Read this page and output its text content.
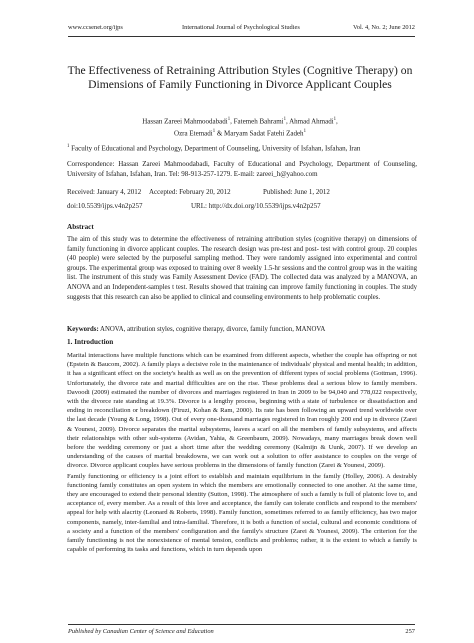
www.ccsenet.org/ijps	International Journal of Psychological Studies	Vol. 4, No. 2; June 2012
The Effectiveness of Retraining Attribution Styles (Cognitive Therapy) on Dimensions of Family Functioning in Divorce Applicant Couples
Hassan Zareei Mahmoodabadi$^1$, Fatemeh Bahrami$^1$, Ahmad Ahmadi$^1$,
Ozra Etemadi$^1$ & Maryam Sadat Fatehi Zadeh$^1$
$^1$ Faculty of Educational and Psychology, Department of Counseling, University of Isfahan, Isfahan, Iran
Correspondence: Hassan Zareei Mahmoodabadi, Faculty of Educational and Psychology, Department of Counseling, University of Isfahan, Isfahan, Iran. Tel: 98-913-257-1279. E-mail: zareei_h@yahoo.com
Received: January 4, 2012 Accepted: February 20, 2012	Published: June 1, 2012
doi:10.5539/ijps.v4n2p257	URL: http://dx.doi.org/10.5539/ijps.v4n2p257
Abstract
The aim of this study was to determine the effectiveness of retraining attribution styles (cognitive therapy) on dimensions of family functioning in divorce applicant couples. The research design was pre-test and post- test with control group. 20 couples (40 people) were selected by the purposeful sampling method. They were randomly assigned into experimental and control groups. The experimental group was exposed to training over 8 weekly 1.5-hr sessions and the control group was in the waiting list. The instrument of this study was Family Assessment Device (FAD). The collected data was analyzed by a MANOVA, an ANOVA and an Independent-samples t test. Results showed that training can improve family functioning in couples. The study suggests that this research can also be applied to clinical and counseling environments to help problematic couples.
Keywords: ANOVA, attribution styles, cognitive therapy, divorce, family function, MANOVA
1. Introduction

Marital interactions have multiple functions which can be examined from different aspects, whether the couple has offspring or not (Epstein & Baucom, 2002). A family plays a decisive role in the maintenance of individuals' physical and mental health; in addition, it has a significant effect on the society's health as well as on the prevention of different types of social problems (Gottman, 1996). Unfortunately, the divorce rate and marital difficulties are on the rise. These problems deal a serious blow to family members. Davoodi (2009) estimated the number of divorces and marriages registered in Iran in 2009 to be 94,040 and 778,022 respectively, with the divorce rate standing at 19.3%. Divorce is a lengthy process, beginning with a state of turbulence or dissatisfaction and ending in reconciliation or breakdown (Firuzi, Kohan & Ram, 2000). Its rate has been following an upward trend worldwide over the last decade (Young & Long, 1998). Out of every one-thousand marriages registered in Iran roughly 200 end up in divorce (Zarei & Younesi, 2009). Divorce separates the marital subsystems, leaves a scarf on all the members of family subsystems, and affects their relationships with other sub-systems (Avidan, Yahia, & Greenbaum, 2009). Nowadays, many marriages break down well before the wedding ceremony or just a short time after the wedding ceremony (Kalmijn & Uunk, 2007). If we develop an understanding of the causes of marital breakdowns, we can work out a solution to offer assistance to couples on the verge of divorce. Divorce applicant couples have serious problems in the dimensions of family function (Zarei & Younesi, 2009).

Family functioning or efficiency is a joint effort to establish and maintain equilibrium in the family (Holley, 2006). A desirably functioning family constitutes an open system in which the members are emotionally connected to one another. At the same time, they are encouraged to extend their personal identity (Sutton, 1998). The atmosphere of such a family is full of platonic love to, and acceptance of, every member. As a result of this love and acceptance, the family can tolerate conflicts and respond to the members' appeal for help with alacrity (Leonard & Roberts, 1998). Family function, sometimes referred to as family efficiency, has two major components, namely, inter-familial and intra-familial. Therefore, it is both a function of social, cultural and economic conditions of a society and a function of the members' configuration and the family's structure (Zarei & Younesi, 2009). The criterion for the family functioning is not the nonexistence of mental tension, conflicts and problems; rather, it is the extent to which a family is capable of performing its tasks and functions, which in turn depends upon

Published by Canadian Center of Science and Education	257
